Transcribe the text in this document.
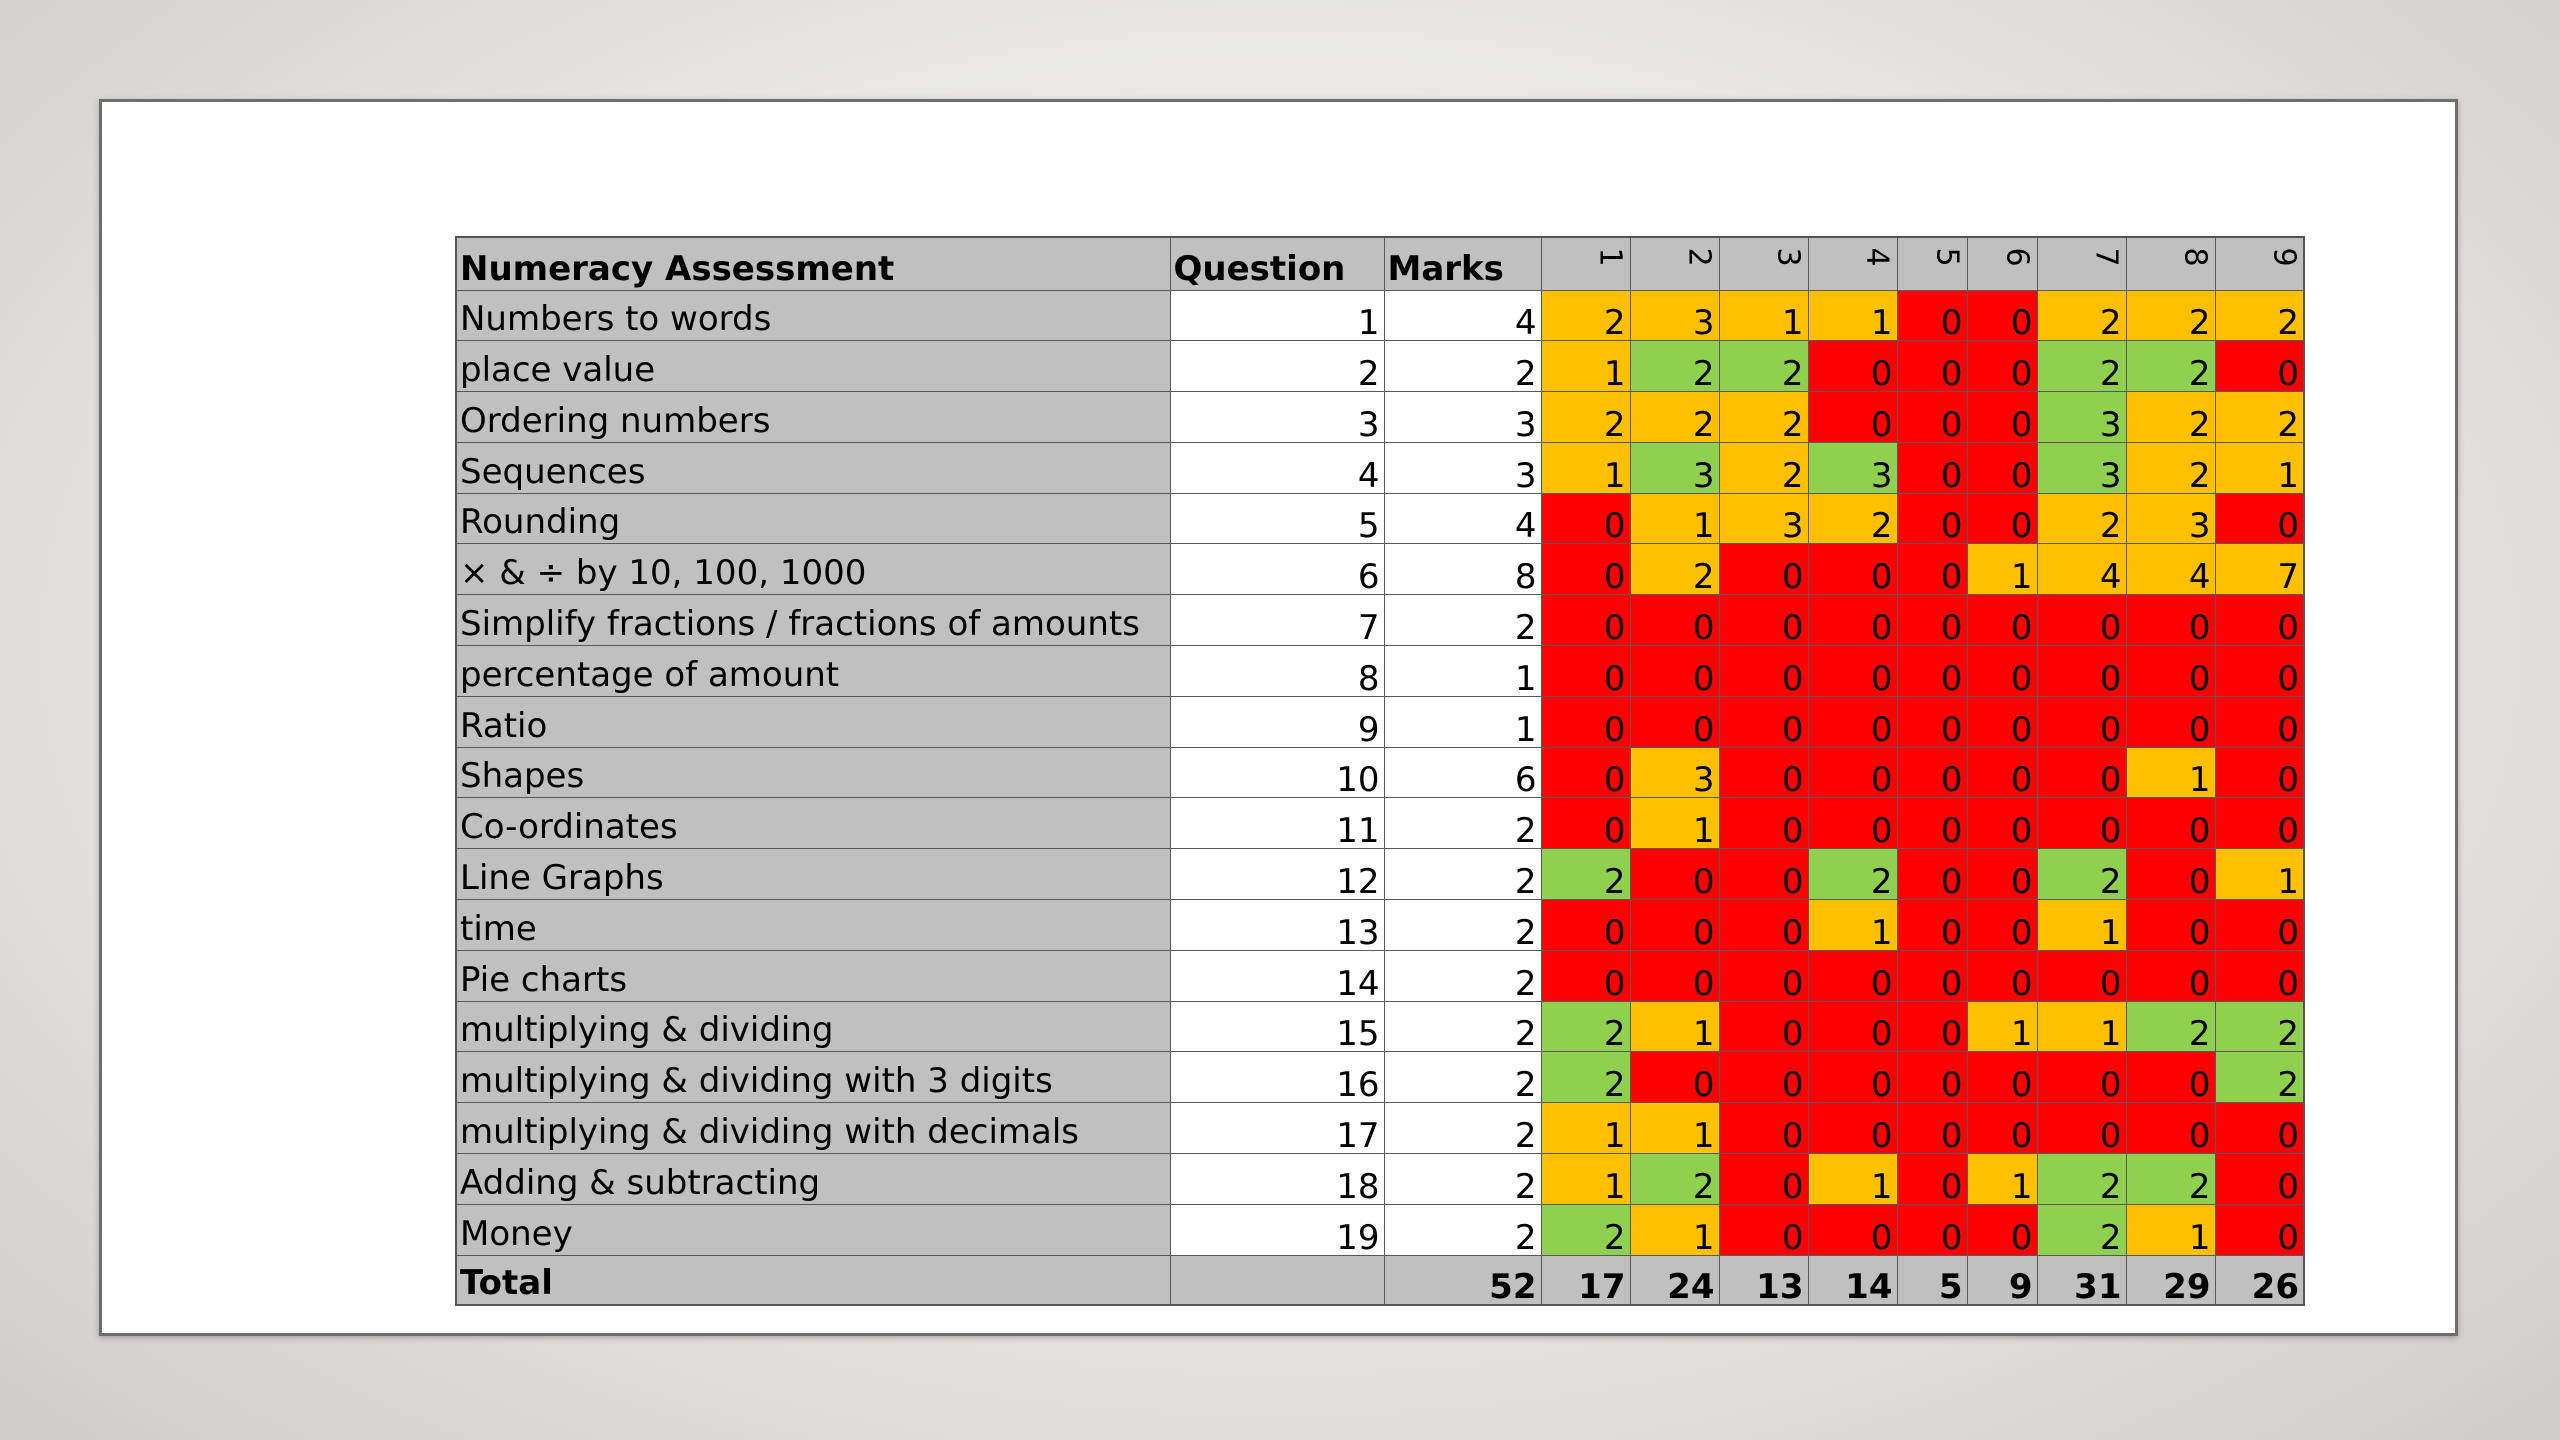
Numeracy Assessment	Question	Marks	1	2	3	4	5	6	7	8	9

Numbers to words	1	4	2	3	1	1	0	0	2	2	2
place value	2	2	1	2	2	0	0	0	2	2	0
Ordering numbers	3	3	2	2	2	0	0	0	3	2	2
Sequences	4	3	1	3	2	3	0	0	3	2	1
Rounding	5	4	0	1	3	2	0	0	2	3	0
× & ÷ by 10, 100, 1000	6	8	0	2	0	0	0	1	4	4	7
Simplify fractions / fractions of amounts	7	2	0	0	0	0	0	0	0	0	0
percentage of amount	8	1	0	0	0	0	0	0	0	0	0
Ratio	9	1	0	0	0	0	0	0	0	0	0
Shapes	10	6	0	3	0	0	0	0	0	1	0
Co-ordinates	11	2	0	1	0	0	0	0	0	0	0
Line Graphs	12	2	2	0	0	2	0	0	2	0	1
time	13	2	0	0	0	1	0	0	1	0	0
Pie charts	14	2	0	0	0	0	0	0	0	0	0
multiplying & dividing	15	2	2	1	0	0	0	1	1	2	2
multiplying & dividing with 3 digits	16	2	2	0	0	0	0	0	0	0	2
multiplying & dividing with decimals	17	2	1	1	0	0	0	0	0	0	0
Adding & subtracting	18	2	1	2	0	1	0	1	2	2	0
Money	19	2	2	1	0	0	0	0	2	1	0
Total		52	17	24	13	14	5	9	31	29	26
